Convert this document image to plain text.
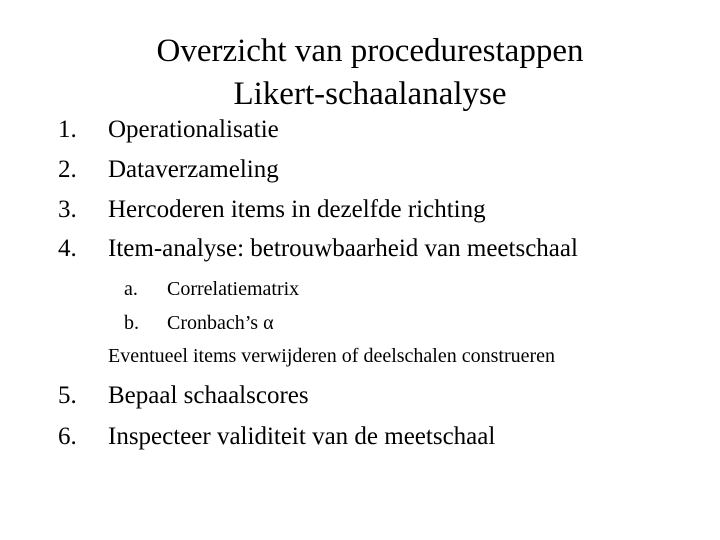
Overzicht van procedurestappen
Likert-schaalanalyse
1. Operationalisatie
2. Dataverzameling
3. Hercoderen items in dezelfde richting
4. Item-analyse: betrouwbaarheid van meetschaal
a. Correlatiematrix
b. Cronbach’s α
Eventueel items verwijderen of deelschalen construeren
5. Bepaal schaalscores
6. Inspecteer validiteit van de meetschaal
